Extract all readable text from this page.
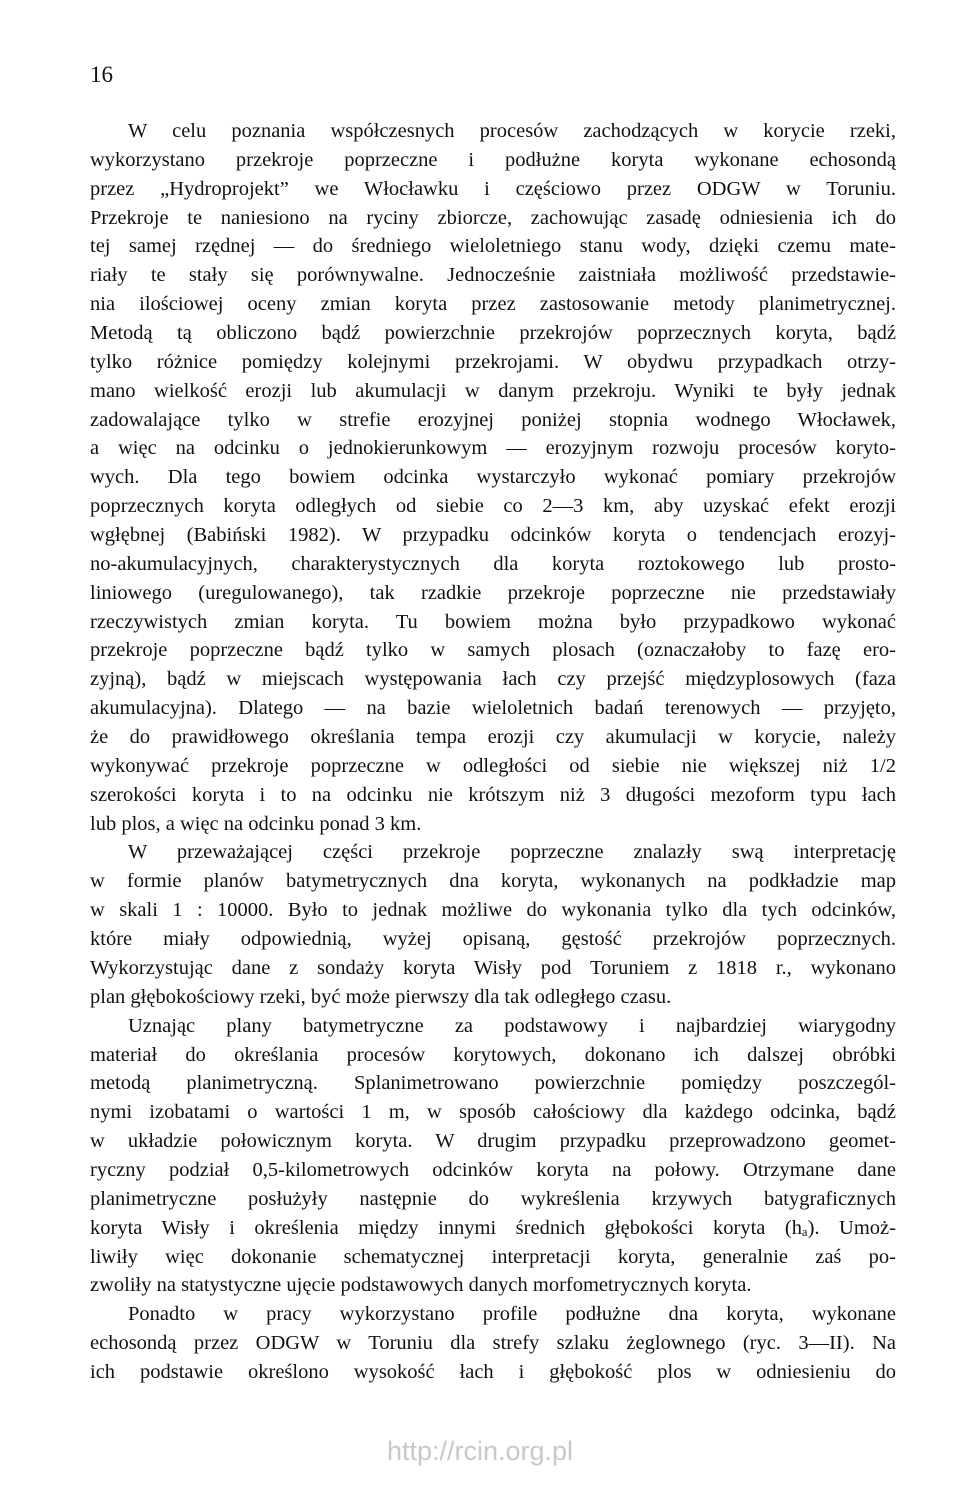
16
W celu poznania współczesnych procesów zachodzących w korycie rzeki,
wykorzystano przekroje poprzeczne i podłużne koryta wykonane echosondą
przez „Hydroprojekt” we Włocławku i częściowo przez ODGW w Toruniu.
Przekroje te naniesiono na ryciny zbiorcze, zachowując zasadę odniesienia ich do
tej samej rzędnej — do średniego wieloletniego stanu wody, dzięki czemu mate-
riały te stały się porównywalne. Jednocześnie zaistniała możliwość przedstawie-
nia ilościowej oceny zmian koryta przez zastosowanie metody planimetrycznej.
Metodą tą obliczono bądź powierzchnie przekrojów poprzecznych koryta, bądź
tylko różnice pomiędzy kolejnymi przekrojami. W obydwu przypadkach otrzy-
mano wielkość erozji lub akumulacji w danym przekroju. Wyniki te były jednak
zadowalające tylko w strefie erozyjnej poniżej stopnia wodnego Włocławek,
a więc na odcinku o jednokierunkowym — erozyjnym rozwoju procesów koryto-
wych. Dla tego bowiem odcinka wystarczyło wykonać pomiary przekrojów
poprzecznych koryta odległych od siebie co 2—3 km, aby uzyskać efekt erozji
wgłębnej (Babiński 1982). W przypadku odcinków koryta o tendencjach erozyj-
no-akumulacyjnych, charakterystycznych dla koryta roztokowego lub prosto-
liniowego (uregulowanego), tak rzadkie przekroje poprzeczne nie przedstawiały
rzeczywistych zmian koryta. Tu bowiem można było przypadkowo wykonać
przekroje poprzeczne bądź tylko w samych plosach (oznaczałoby to fazę ero-
zyjną), bądź w miejscach występowania łach czy przejść międzyplosowych (faza
akumulacyjna). Dlatego — na bazie wieloletnich badań terenowych — przyjęto,
że do prawidłowego określania tempa erozji czy akumulacji w korycie, należy
wykonywać przekroje poprzeczne w odległości od siebie nie większej niż 1/2
szerokości koryta i to na odcinku nie krótszym niż 3 długości mezoform typu łach
lub plos, a więc na odcinku ponad 3 km.
W przeważającej części przekroje poprzeczne znalazły swą interpretację
w formie planów batymetrycznych dna koryta, wykonanych na podkładzie map
w skali 1 : 10000. Było to jednak możliwe do wykonania tylko dla tych odcinków,
które miały odpowiednią, wyżej opisaną, gęstość przekrojów poprzecznych.
Wykorzystując dane z sondaży koryta Wisły pod Toruniem z 1818 r., wykonano
plan głębokościowy rzeki, być może pierwszy dla tak odległego czasu.
Uznając plany batymetryczne za podstawowy i najbardziej wiarygodny
materiał do określania procesów korytowych, dokonano ich dalszej obróbki
metodą planimetryczną. Splanimetrowano powierzchnie pomiędzy poszczegól-
nymi izobatami o wartości 1 m, w sposób całościowy dla każdego odcinka, bądź
w układzie połowicznym koryta. W drugim przypadku przeprowadzono geomet-
ryczny podział 0,5-kilometrowych odcinków koryta na połowy. Otrzymane dane
planimetryczne posłużyły następnie do wykreślenia krzywych batygraficznych
koryta Wisły i określenia między innymi średnich głębokości koryta (hₐ). Umoż-
liwiły więc dokonanie schematycznej interpretacji koryta, generalnie zaś po-
zwoliły na statystyczne ujęcie podstawowych danych morfometrycznych koryta.
Ponadto w pracy wykorzystano profile podłużne dna koryta, wykonane
echosondą przez ODGW w Toruniu dla strefy szlaku żeglownego (ryc. 3—II). Na
ich podstawie określono wysokość łach i głębokość plos w odniesieniu do
http://rcin.org.pl
